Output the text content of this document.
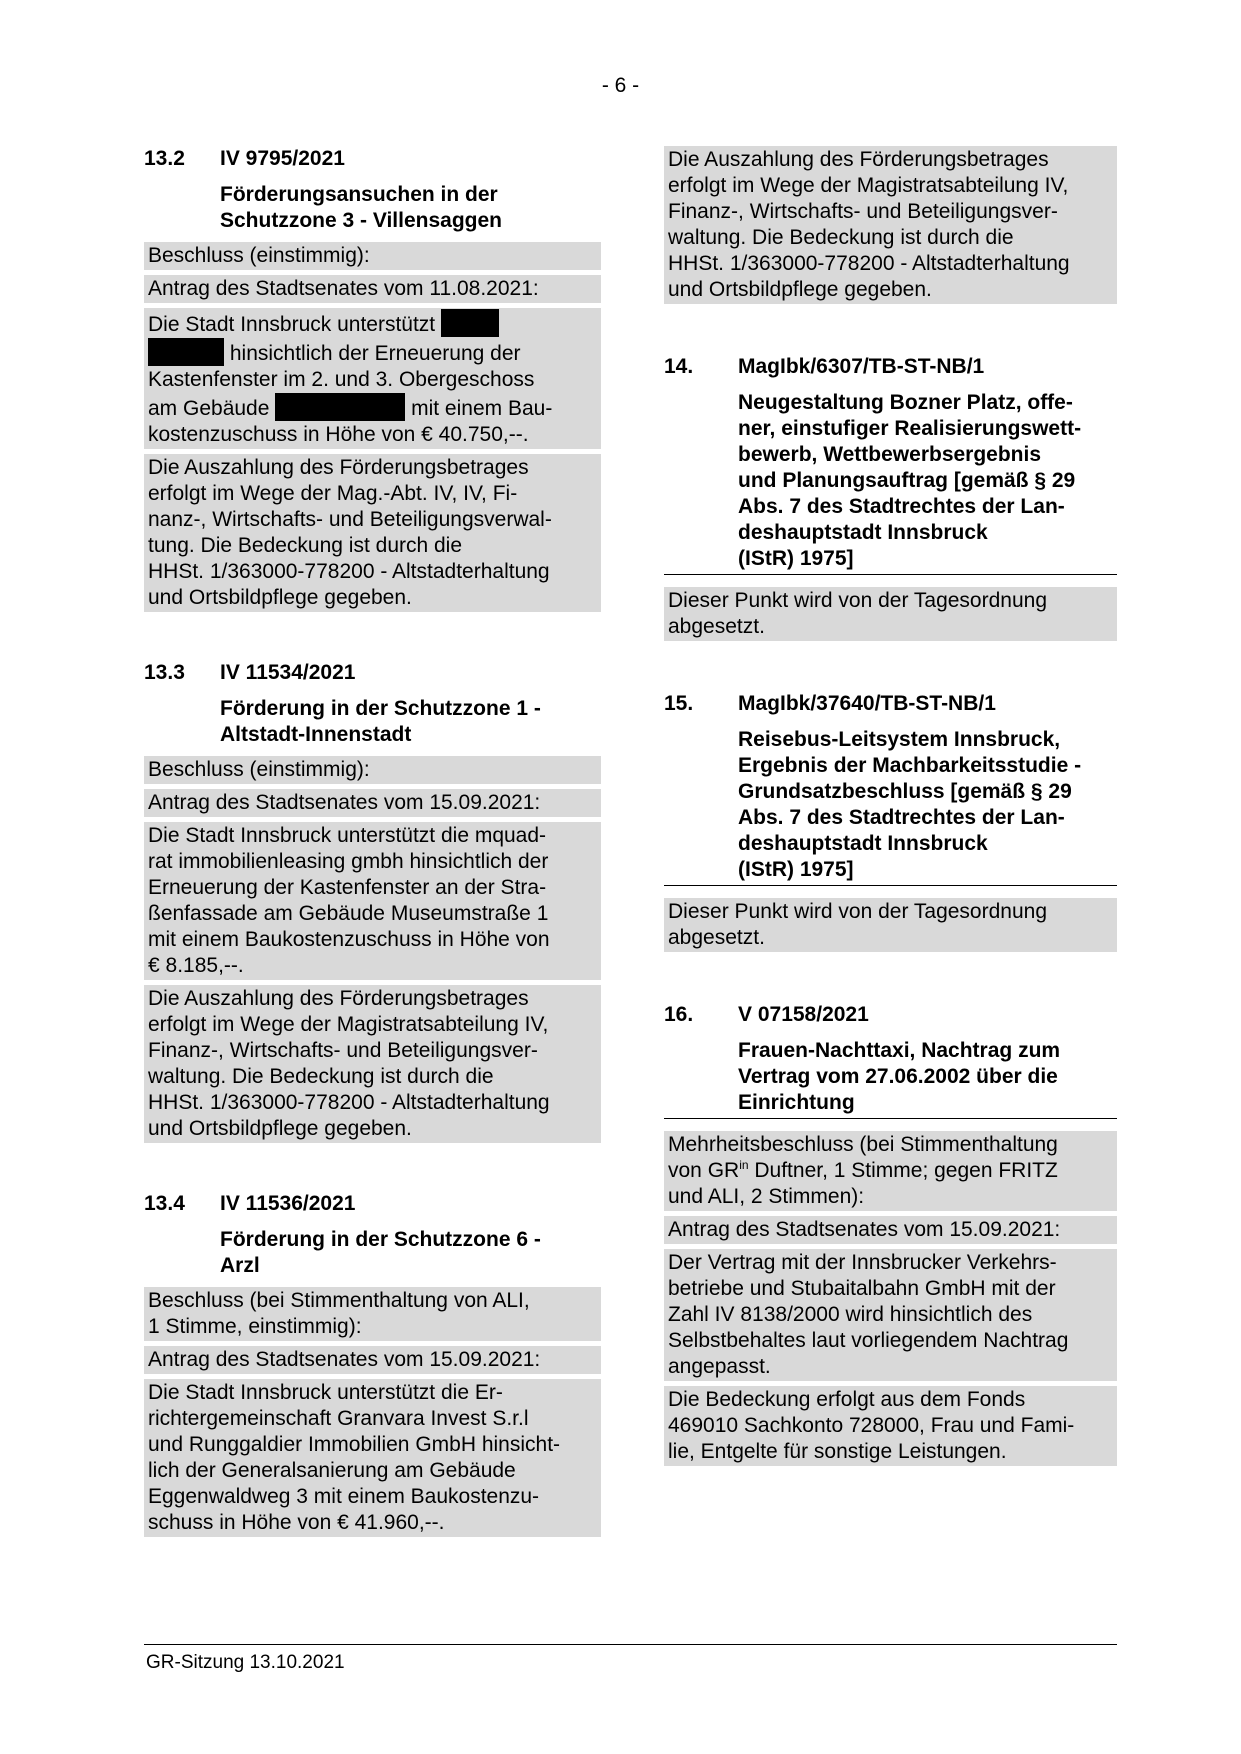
- 6 -
13.2	IV 9795/2021
Förderungsansuchen in der
Schutzzone 3 - Villensaggen
Beschluss (einstimmig):
Antrag des Stadtsenates vom 11.08.2021:
Die Stadt Innsbruck unterstützt
hinsichtlich der Erneuerung der
Kastenfenster im 2. und 3. Obergeschoss
am Gebäude	mit einem Bau-
kostenzuschuss in Höhe von € 40.750,--.
Die Auszahlung des Förderungsbetrages
erfolgt im Wege der Mag.-Abt. IV, IV, Fi-
nanz-, Wirtschafts- und Beteiligungsverwal-
tung. Die Bedeckung ist durch die
HHSt. 1/363000-778200 - Altstadterhaltung
und Ortsbildpflege gegeben.
13.3	IV 11534/2021
Förderung in der Schutzzone 1 -
Altstadt-Innenstadt
Beschluss (einstimmig):
Antrag des Stadtsenates vom 15.09.2021:
Die Stadt Innsbruck unterstützt die mquad-
rat immobilienleasing gmbh hinsichtlich der
Erneuerung der Kastenfenster an der Stra-
ßenfassade am Gebäude Museumstraße 1
mit einem Baukostenzuschuss in Höhe von
€ 8.185,--.
Die Auszahlung des Förderungsbetrages
erfolgt im Wege der Magistratsabteilung IV,
Finanz-, Wirtschafts- und Beteiligungsver-
waltung. Die Bedeckung ist durch die
HHSt. 1/363000-778200 - Altstadterhaltung
und Ortsbildpflege gegeben.
13.4	IV 11536/2021
Förderung in der Schutzzone 6 -
Arzl
Beschluss (bei Stimmenthaltung von ALI,
1 Stimme, einstimmig):
Antrag des Stadtsenates vom 15.09.2021:
Die Stadt Innsbruck unterstützt die Er-
richtergemeinschaft Granvara Invest S.r.l
und Runggaldier Immobilien GmbH hinsicht-
lich der Generalsanierung am Gebäude
Eggenwaldweg 3 mit einem Baukostenzu-
schuss in Höhe von € 41.960,--.
Die Auszahlung des Förderungsbetrages
erfolgt im Wege der Magistratsabteilung IV,
Finanz-, Wirtschafts- und Beteiligungsver-
waltung. Die Bedeckung ist durch die
HHSt. 1/363000-778200 - Altstadterhaltung
und Ortsbildpflege gegeben.
14.	MagIbk/6307/TB-ST-NB/1
Neugestaltung Bozner Platz, offe-
ner, einstufiger Realisierungswett-
bewerb, Wettbewerbsergebnis
und Planungsauftrag [gemäß § 29
Abs. 7 des Stadtrechtes der Lan-
deshauptstadt Innsbruck
(IStR) 1975]
Dieser Punkt wird von der Tagesordnung
abgesetzt.
15.	MagIbk/37640/TB-ST-NB/1
Reisebus-Leitsystem Innsbruck,
Ergebnis der Machbarkeitsstudie -
Grundsatzbeschluss [gemäß § 29
Abs. 7 des Stadtrechtes der Lan-
deshauptstadt Innsbruck
(IStR) 1975]
Dieser Punkt wird von der Tagesordnung
abgesetzt.
16.	V 07158/2021
Frauen-Nachttaxi, Nachtrag zum
Vertrag vom 27.06.2002 über die
Einrichtung
Mehrheitsbeschluss (bei Stimmenthaltung
von $GR^{in}$ Duftner, 1 Stimme; gegen FRITZ
und ALI, 2 Stimmen):
Antrag des Stadtsenates vom 15.09.2021:
Der Vertrag mit der Innsbrucker Verkehrs-
betriebe und Stubaitalbahn GmbH mit der
Zahl IV 8138/2000 wird hinsichtlich des
Selbstbehaltes laut vorliegendem Nachtrag
angepasst.
Die Bedeckung erfolgt aus dem Fonds
469010 Sachkonto 728000, Frau und Fami-
lie, Entgelte für sonstige Leistungen.
GR-Sitzung 13.10.2021
